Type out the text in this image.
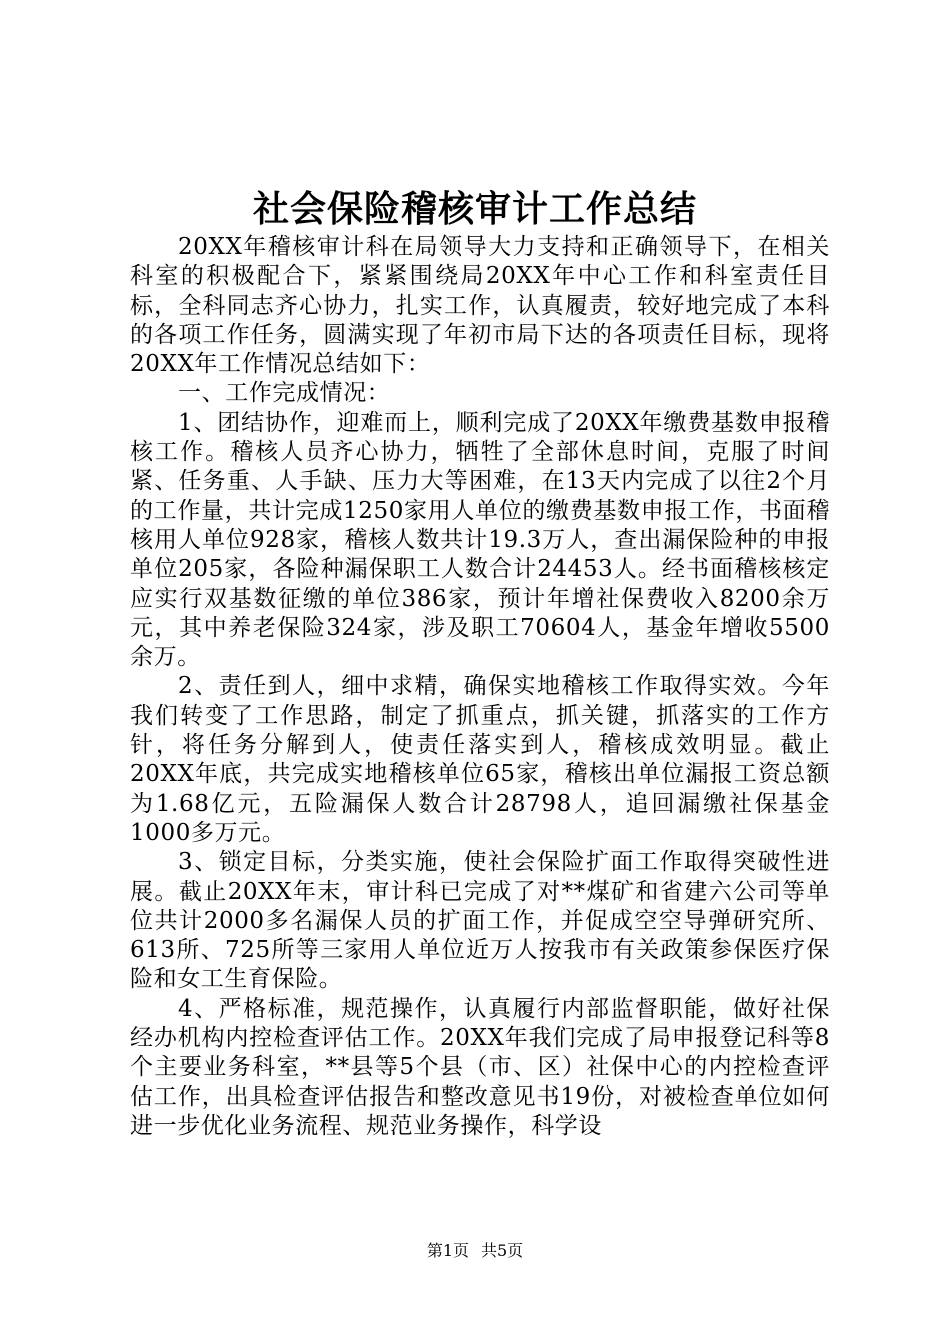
社会保险稽核审计工作总结

20XX年稽核审计科在局领导大力支持和正确领导下，在相关科室的积极配合下，紧紧围绕局20XX年中心工作和科室责任目标，全科同志齐心协力，扎实工作，认真履责，较好地完成了本科的各项工作任务，圆满实现了年初市局下达的各项责任目标，现将20XX年工作情况总结如下：

一、工作完成情况：

1、团结协作，迎难而上，顺利完成了20XX年缴费基数申报稽核工作。稽核人员齐心协力，牺牲了全部休息时间，克服了时间紧、任务重、人手缺、压力大等困难，在13天内完成了以往2个月的工作量，共计完成1250家用人单位的缴费基数申报工作，书面稽核用人单位928家，稽核人数共计19.3万人，查出漏保险种的申报单位205家，各险种漏保职工人数合计24453人。经书面稽核核定应实行双基数征缴的单位386家，预计年增社保费收入8200余万元，其中养老保险324家，涉及职工70604人，基金年增收5500余万。

2、责任到人，细中求精，确保实地稽核工作取得实效。今年我们转变了工作思路，制定了抓重点，抓关键，抓落实的工作方针，将任务分解到人，使责任落实到人，稽核成效明显。截止20XX年底，共完成实地稽核单位65家，稽核出单位漏报工资总额为1.68亿元，五险漏保人数合计28798人，追回漏缴社保基金1000多万元。

3、锁定目标，分类实施，使社会保险扩面工作取得突破性进展。截止20XX年末，审计科已完成了对**煤矿和省建六公司等单位共计2000多名漏保人员的扩面工作，并促成空空导弹研究所、613所、725所等三家用人单位近万人按我市有关政策参保医疗保险和女工生育保险。

4、严格标准，规范操作，认真履行内部监督职能，做好社保经办机构内控检查评估工作。20XX年我们完成了局申报登记科等8个主要业务科室，**县等5个县（市、区）社保中心的内控检查评估工作，出具检查评估报告和整改意见书19份，对被检查单位如何进一步优化业务流程、规范业务操作，科学设

第1页 共5页
